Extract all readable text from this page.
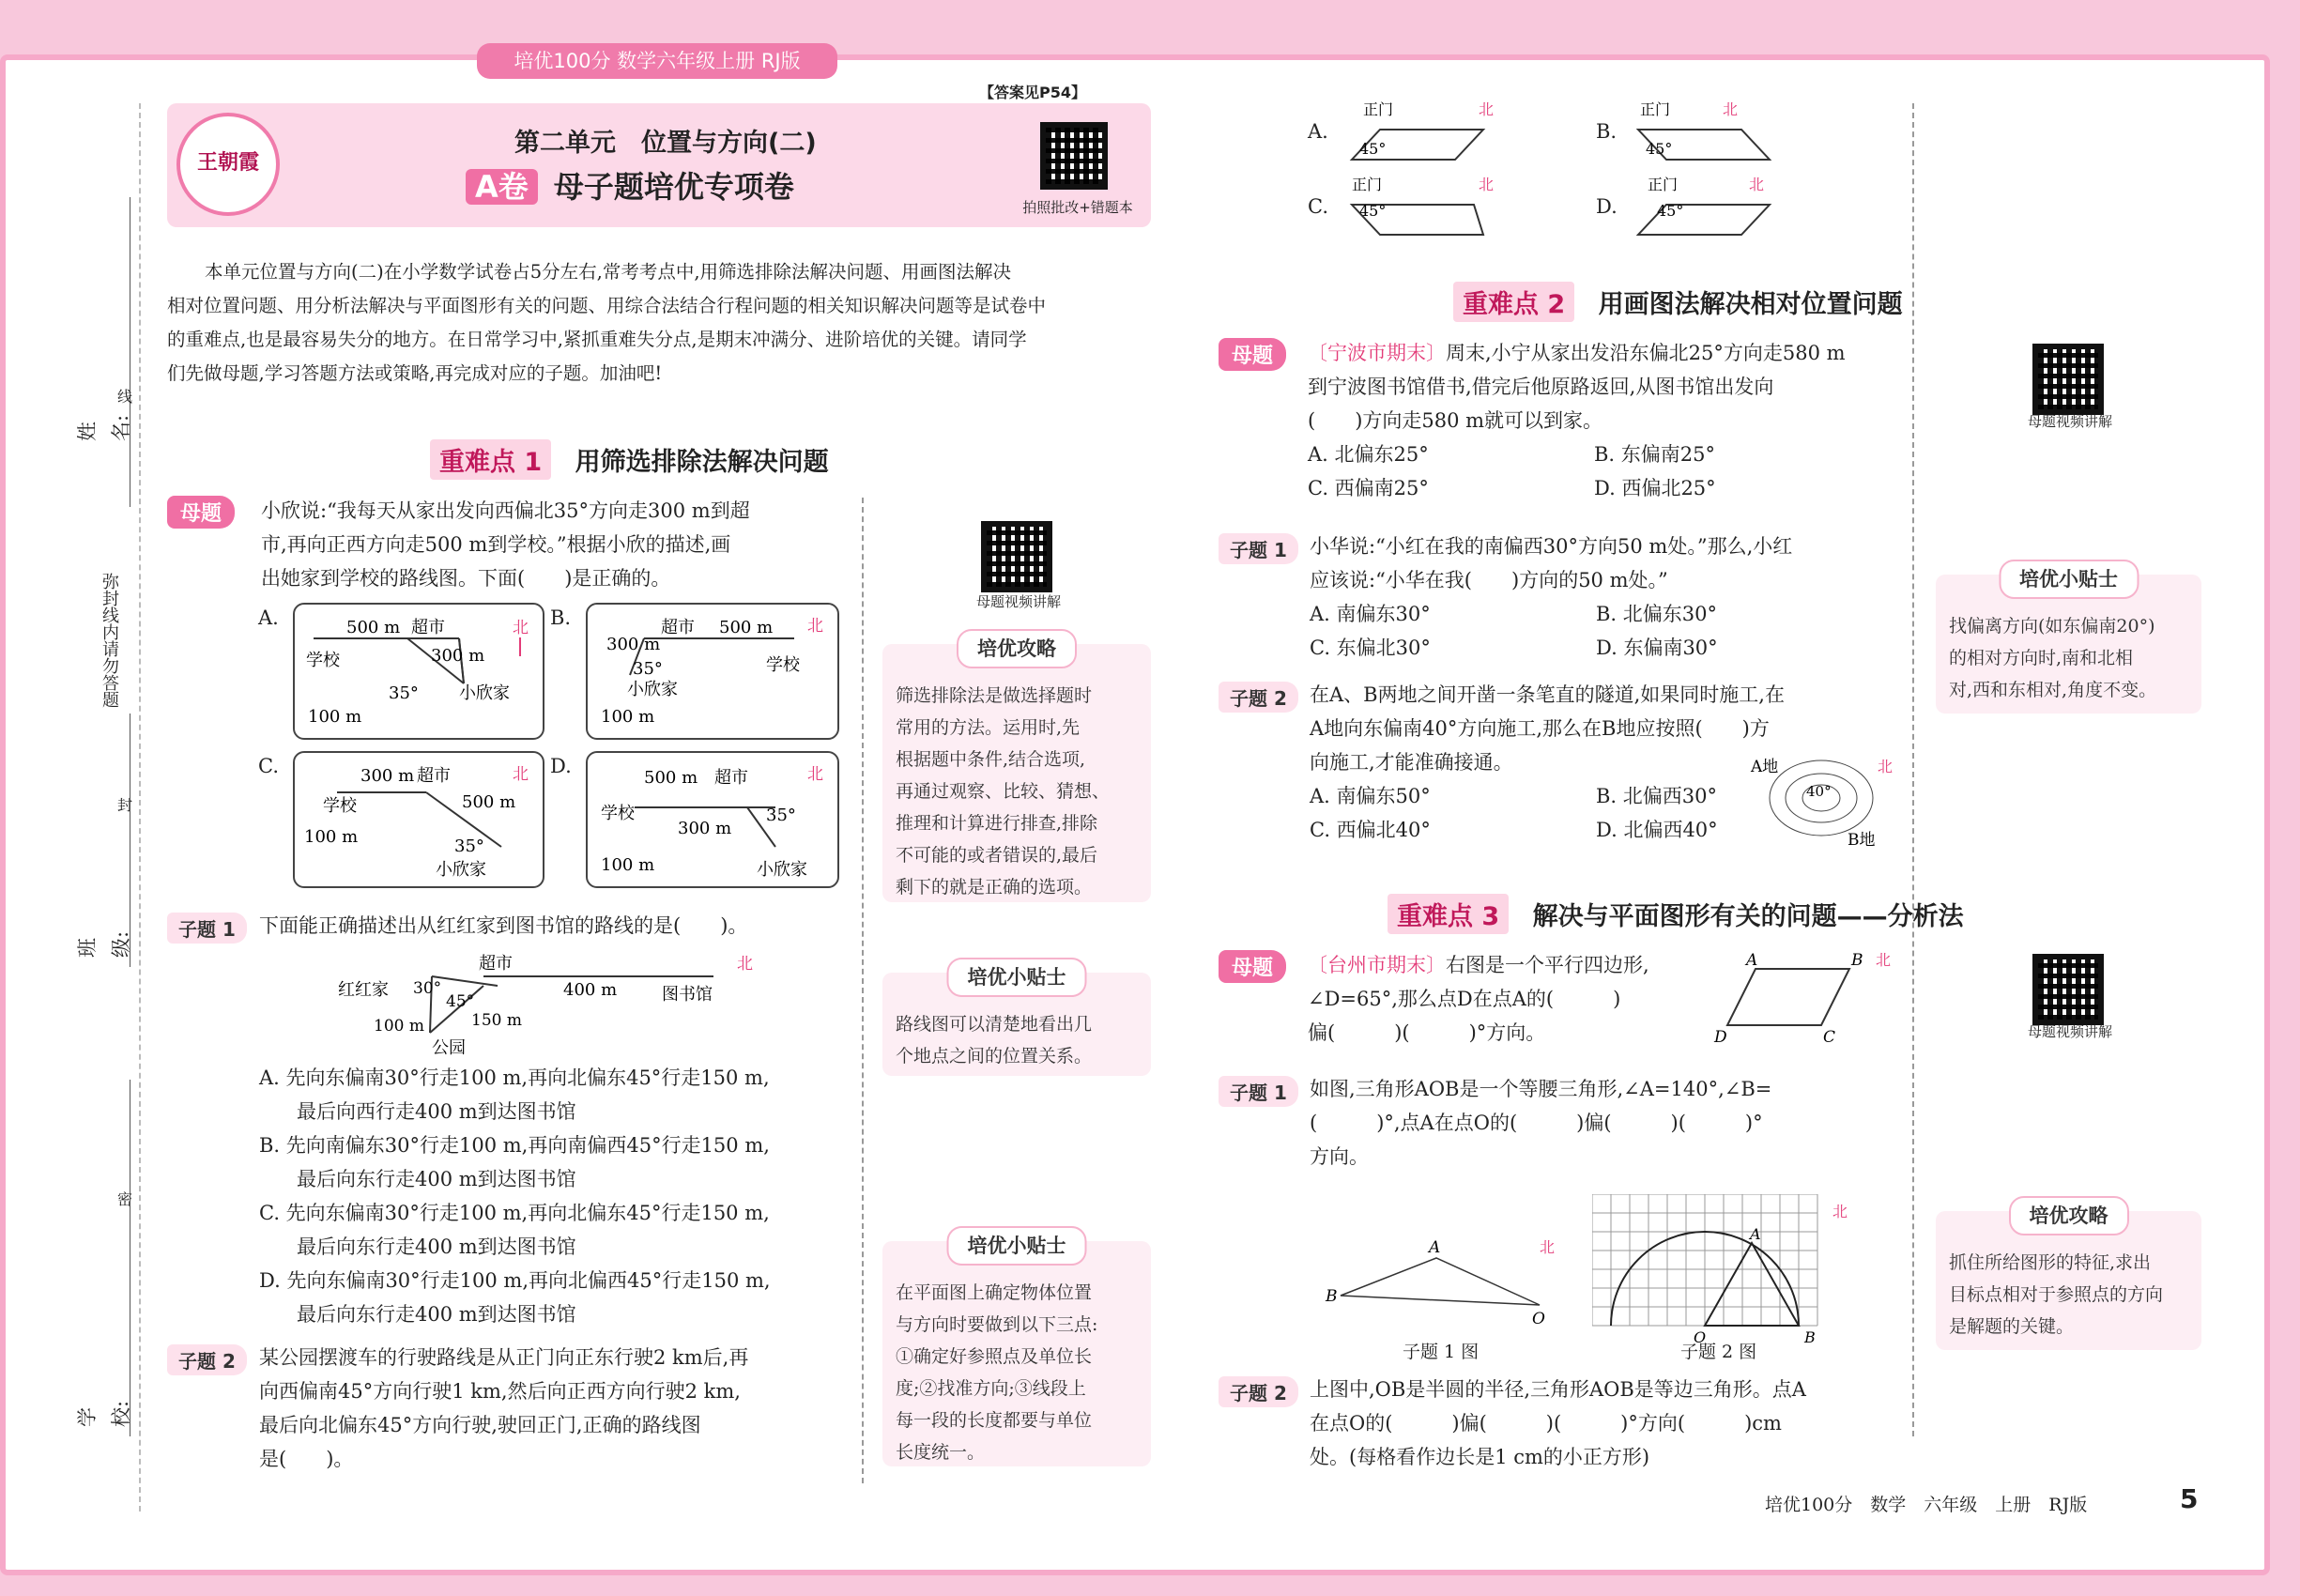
培优100分 数学六年级上册 RJ版
姓名:
线
弥封线内请勿答题
封
班级:
密
学校:
王朝霞
第二单元　位置与方向(二)
A卷 母子题培优专项卷
拍照批改+错题本
【答案见P54】
本单元位置与方向(二)在小学数学试卷占5分左右,常考考点中,用筛选排除法解决问题、用画图法解决
相对位置问题、用分析法解决与平面图形有关的问题、用综合法结合行程问题的相关知识解决问题等是试卷中
的重难点,也是最容易失分的地方。在日常学习中,紧抓重难失分点,是期末冲满分、进阶培优的关键。请同学
们先做母题,学习答题方法或策略,再完成对应的子题。加油吧!
重难点 1 用筛选排除法解决问题
母题	小欣说:“我每天从家出发向西偏北35°方向走300 m到超
市,再向正西方向走500 m到学校。”根据小欣的描述,画
出她家到学校的路线图。下面(　　)是正确的。
A.	B.
C.	D.
500 m 超市
300 m
学校
35° 小欣家
100 m
北	超市 500 m
300 m
学校
35°
小欣家
100 m
北
300 m 超市
学校	500 m
35°
小欣家
100 m
北	500 m 超市
学校
300 m
35°
小欣家
100 m
北
子题 1	下面能正确描述出从红红家到图书馆的路线的是(　　)。
红红家
超市
图书馆
公园
30°
45°
100 m	150 m
400 m
北
A. 先向东偏南30°行走100 m,再向北偏东45°行走150 m,
最后向西行走400 m到达图书馆
B. 先向南偏东30°行走100 m,再向南偏西45°行走150 m,
最后向东行走400 m到达图书馆
C. 先向东偏南30°行走100 m,再向北偏东45°行走150 m,
最后向东行走400 m到达图书馆
D. 先向东偏南30°行走100 m,再向北偏西45°行走150 m,
最后向东行走400 m到达图书馆
子题 2	某公园摆渡车的行驶路线是从正门向正东行驶2 km后,再
向西偏南45°方向行驶1 km,然后向正西方向行驶2 km,
最后向北偏东45°方向行驶,驶回正门,正确的路线图
是(　　)。
母题视频讲解
培优攻略
筛选排除法是做选择题时
常用的方法。运用时,先
根据题中条件,结合选项,
再通过观察、比较、猜想、
推理和计算进行排查,排除
不可能的或者错误的,最后
剩下的就是正确的选项。
培优小贴士
路线图可以清楚地看出几
个地点之间的位置关系。
培优小贴士
在平面图上确定物体位置
与方向时要做到以下三点:
①确定好参照点及单位长
度;②找准方向;③线段上
每一段的长度都要与单位
长度统一。
A.	B.
C.	D.
正门
45°
北	正门
45°
北
正门
45°
北	正门
45°
北
重难点 2 用画图法解决相对位置问题
母题	〔宁波市期末〕周末,小宁从家出发沿东偏北25°方向走580 m
到宁波图书馆借书,借完后他原路返回,从图书馆出发向
(　　)方向走580 m就可以到家。
A. 北偏东25°	B. 东偏南25°
C. 西偏南25°	D. 西偏北25°
母题视频讲解
子题 1	小华说:“小红在我的南偏西30°方向50 m处。”那么,小红
应该说:“小华在我(　　)方向的50 m处。”
A. 南偏东30°	B. 北偏东30°
C. 东偏北30°	D. 东偏南30°
子题 2	在A、B两地之间开凿一条笔直的隧道,如果同时施工,在
A地向东偏南40°方向施工,那么在B地应按照(　　)方
向施工,才能准确接通。
A. 南偏东50°	B. 北偏西30°
C. 西偏北40°	D. 北偏西40°
A地
B地
40°
北
培优小贴士
找偏离方向(如东偏南20°)
的相对方向时,南和北相
对,西和东相对,角度不变。
重难点 3 解决与平面图形有关的问题——分析法
母题	〔台州市期末〕右图是一个平行四边形,
∠D=65°,那么点D在点A的(　　　)
偏(　　　)(　　　)°方向。
A	B
C
D
北
母题视频讲解
子题 1	如图,三角形AOB是一个等腰三角形,∠A=140°,∠B=
(　　　)°,点A在点O的(　　　)偏(　　　)(　　　)°
方向。
A
B
O
北
子题 1 图
A
O	B
北
子题 2 图
子题 2	上图中,OB是半圆的半径,三角形AOB是等边三角形。点A
在点O的(　　　)偏(　　　)(　　　)°方向(　　　)cm
处。(每格看作边长是1 cm的小正方形)
培优攻略
抓住所给图形的特征,求出
目标点相对于参照点的方向
是解题的关键。
培优100分　数学　六年级　上册　RJ版	5
